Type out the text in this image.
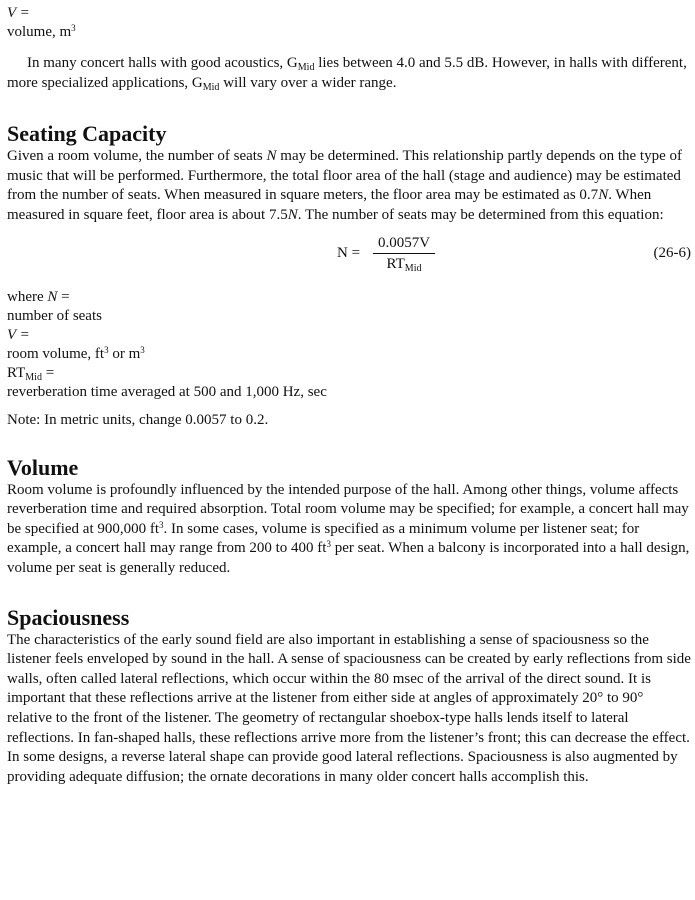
V =

volume, $m^3$

In many concert halls with good acoustics, $G_{Mid}$ lies between 4.0 and 5.5 dB. However, in halls with different, more specialized applications, $G_{Mid}$ will vary over a wider range.

Seating Capacity

Given a room volume, the number of seats N may be determined. This relationship partly depends on the type of music that will be performed. Furthermore, the total floor area of the hall (stage and audience) may be estimated from the number of seats. When measured in square meters, the floor area may be estimated as 0.7N. When measured in square feet, floor area is about 7.5N. The number of seats may be determined from this equation:

N =
0.0057V
$RT_{Mid}$
(26-6)

where N =

number of seats

V =

room volume, $ft^3$ or $m^3$

$RT_{Mid}$ =

reverberation time averaged at 500 and 1,000 Hz, sec

Note: In metric units, change 0.0057 to 0.2.

Volume

Room volume is profoundly influenced by the intended purpose of the hall. Among other things, volume affects reverberation time and required absorption. Total room volume may be specified; for example, a concert hall may be specified at 900,000 $ft^3$. In some cases, volume is specified as a minimum volume per listener seat; for example, a concert hall may range from 200 to 400 $ft^3$ per seat. When a balcony is incorporated into a hall design, volume per seat is generally reduced.

Spaciousness

The characteristics of the early sound field are also important in establishing a sense of spaciousness so the listener feels enveloped by sound in the hall. A sense of spaciousness can be created by early reflections from side walls, often called lateral reflections, which occur within the 80 msec of the arrival of the direct sound. It is important that these reflections arrive at the listener from either side at angles of approximately 20° to 90° relative to the front of the listener. The geometry of rectangular shoebox-type halls lends itself to lateral reflections. In fan-shaped halls, these reflections arrive more from the listener’s front; this can decrease the effect. In some designs, a reverse lateral shape can provide good lateral reflections. Spaciousness is also augmented by providing adequate diffusion; the ornate decorations in many older concert halls accomplish this.
